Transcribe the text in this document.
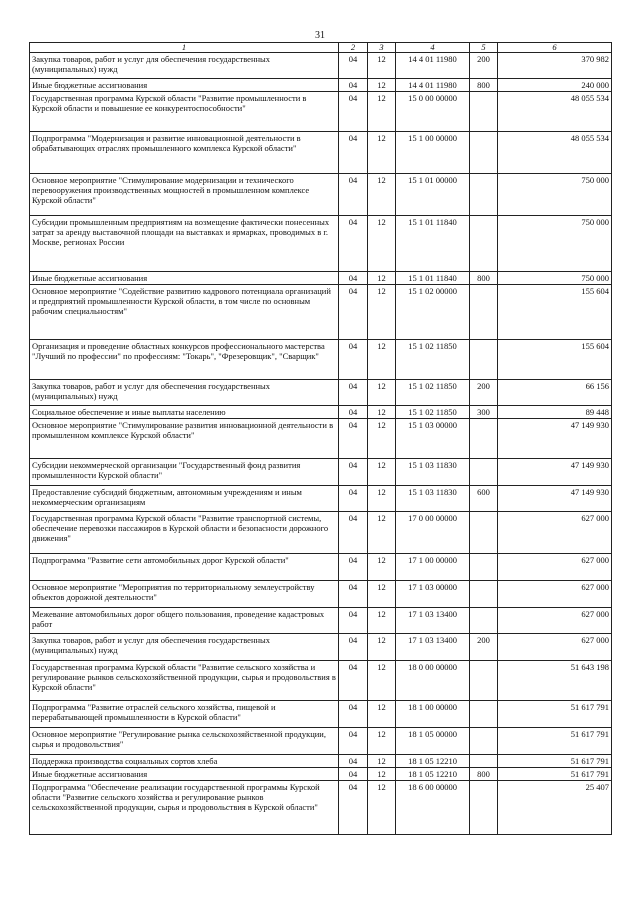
31
1	2	3	4	5	6
Закупка товаров, работ и услуг для обеспечения государственных (муниципальных) нужд	04	12	14 4 01 11980	200	370 982
Иные бюджетные ассигнования	04	12	14 4 01 11980	800	240 000
Государственная программа Курской области "Развитие промышленности в Курской области и повышение ее конкурентоспособности"	04	12	15 0 00 00000		48 055 534
Подпрограмма "Модернизация и развитие инновационной деятельности в обрабатывающих отраслях промышленного комплекса Курской области"	04	12	15 1 00 00000		48 055 534
Основное мероприятие "Стимулирование модернизации и технического перевооружения производственных мощностей в промышленном комплексе Курской области"	04	12	15 1 01 00000		750 000
Субсидии промышленным предприятиям на возмещение фактически понесенных затрат за аренду выставочной площади на выставках и ярмарках, проводимых в г. Москве, регионах России	04	12	15 1 01 11840		750 000
Иные бюджетные ассигнования	04	12	15 1 01 11840	800	750 000
Основное мероприятие "Содействие развитию кадрового потенциала организаций и предприятий промышленности Курской области, в том числе по основным рабочим специальностям"	04	12	15 1 02 00000		155 604
Организация и проведение областных конкурсов профессионального мастерства "Лучший по профессии" по профессиям: "Токарь", "Фрезеровщик", "Сварщик"	04	12	15 1 02 11850		155 604
Закупка товаров, работ и услуг для обеспечения государственных (муниципальных) нужд	04	12	15 1 02 11850	200	66 156
Социальное обеспечение и иные выплаты населению	04	12	15 1 02 11850	300	89 448
Основное мероприятие "Стимулирование развития инновационной деятельности в промышленном комплексе Курской области"	04	12	15 1 03 00000		47 149 930
Субсидии некоммерческой организации "Государственный фонд развития промышленности Курской области"	04	12	15 1 03 11830		47 149 930
Предоставление субсидий бюджетным, автономным учреждениям и иным некоммерческим организациям	04	12	15 1 03 11830	600	47 149 930
Государственная программа Курской области "Развитие транспортной системы, обеспечение перевозки пассажиров в Курской области и безопасности дорожного движения"	04	12	17 0 00 00000		627 000
Подпрограмма "Развитие сети автомобильных дорог Курской области"	04	12	17 1 00 00000		627 000
Основное мероприятие "Мероприятия по территориальному землеустройству объектов дорожной деятельности"	04	12	17 1 03 00000		627 000
Межевание автомобильных дорог общего пользования, проведение кадастровых работ	04	12	17 1 03 13400		627 000
Закупка товаров, работ и услуг для обеспечения государственных (муниципальных) нужд	04	12	17 1 03 13400	200	627 000
Государственная программа Курской области "Развитие сельского хозяйства и регулирование рынков сельскохозяйственной продукции, сырья и продовольствия в Курской области"	04	12	18 0 00 00000		51 643 198
Подпрограмма "Развитие отраслей сельского хозяйства, пищевой и перерабатывающей промышленности в Курской области"	04	12	18 1 00 00000		51 617 791
Основное мероприятие "Регулирование рынка сельскохозяйственной продукции, сырья и продовольствия"	04	12	18 1 05 00000		51 617 791
Поддержка производства социальных сортов хлеба	04	12	18 1 05 12210		51 617 791
Иные бюджетные ассигнования	04	12	18 1 05 12210	800	51 617 791
Подпрограмма "Обеспечение реализации государственной программы Курской области "Развитие сельского хозяйства и регулирование рынков сельскохозяйственной продукции, сырья и продовольствия в Курской области"	04	12	18 6 00 00000		25 407
